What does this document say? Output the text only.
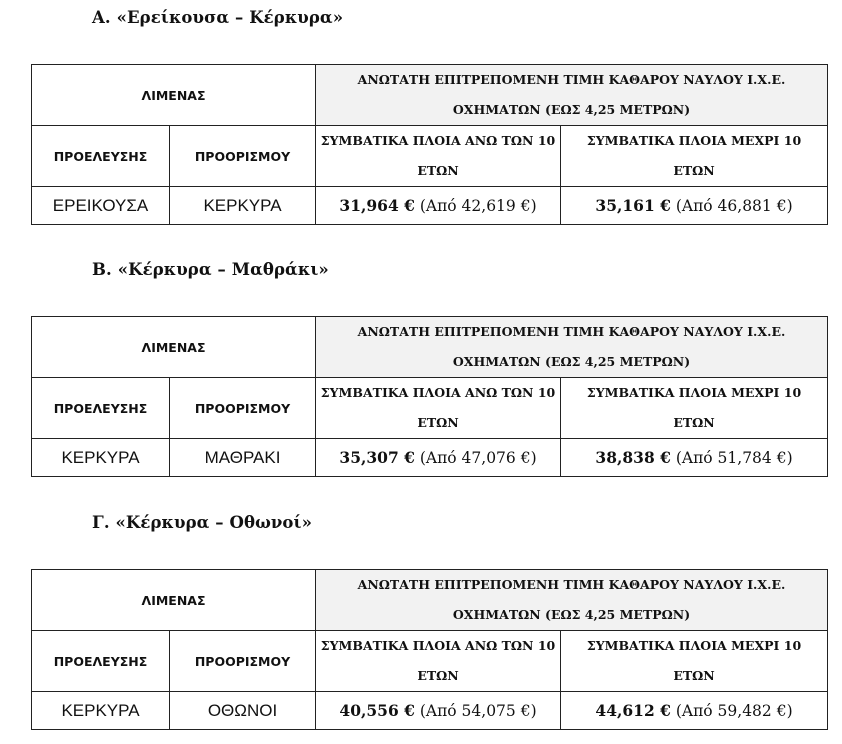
Α. «Ερείκουσα – Κέρκυρα»
ΛΙΜΕΝΑΣ		ΑΝΩΤΑΤΗ ΕΠΙΤΡΕΠΟΜΕΝΗ ΤΙΜΗ ΚΑΘΑΡΟΥ ΝΑΥΛΟΥ Ι.Χ.Ε. ΟΧΗΜΑΤΩΝ (ΕΩΣ 4,25 ΜΕΤΡΩΝ)	
ΠΡΟΕΛΕΥΣΗΣ	ΠΡΟΟΡΙΣΜΟΥ	ΣΥΜΒΑΤΙΚΑ ΠΛΟΙΑ ΑΝΩ ΤΩΝ 10 ΕΤΩΝ	ΣΥΜΒΑΤΙΚΑ ΠΛΟΙΑ ΜΕΧΡΙ 10 ΕΤΩΝ
ΕΡΕΙΚΟΥΣΑ	ΚΕΡΚΥΡΑ	31,964 € (Από 42,619 €)	35,161 € (Από 46,881 €)
Β. «Κέρκυρα – Μαθράκι»
ΛΙΜΕΝΑΣ		ΑΝΩΤΑΤΗ ΕΠΙΤΡΕΠΟΜΕΝΗ ΤΙΜΗ ΚΑΘΑΡΟΥ ΝΑΥΛΟΥ Ι.Χ.Ε. ΟΧΗΜΑΤΩΝ (ΕΩΣ 4,25 ΜΕΤΡΩΝ)	
ΠΡΟΕΛΕΥΣΗΣ	ΠΡΟΟΡΙΣΜΟΥ	ΣΥΜΒΑΤΙΚΑ ΠΛΟΙΑ ΑΝΩ ΤΩΝ 10 ΕΤΩΝ	ΣΥΜΒΑΤΙΚΑ ΠΛΟΙΑ ΜΕΧΡΙ 10 ΕΤΩΝ
ΚΕΡΚΥΡΑ	ΜΑΘΡΑΚΙ	35,307 € (Από 47,076 €)	38,838 € (Από 51,784 €)
Γ. «Κέρκυρα – Οθωνοί»
ΛΙΜΕΝΑΣ		ΑΝΩΤΑΤΗ ΕΠΙΤΡΕΠΟΜΕΝΗ ΤΙΜΗ ΚΑΘΑΡΟΥ ΝΑΥΛΟΥ Ι.Χ.Ε. ΟΧΗΜΑΤΩΝ (ΕΩΣ 4,25 ΜΕΤΡΩΝ)	
ΠΡΟΕΛΕΥΣΗΣ	ΠΡΟΟΡΙΣΜΟΥ	ΣΥΜΒΑΤΙΚΑ ΠΛΟΙΑ ΑΝΩ ΤΩΝ 10 ΕΤΩΝ	ΣΥΜΒΑΤΙΚΑ ΠΛΟΙΑ ΜΕΧΡΙ 10 ΕΤΩΝ
ΚΕΡΚΥΡΑ	ΟΘΩΝΟΙ	40,556 € (Από 54,075 €)	44,612 € (Από 59,482 €)
